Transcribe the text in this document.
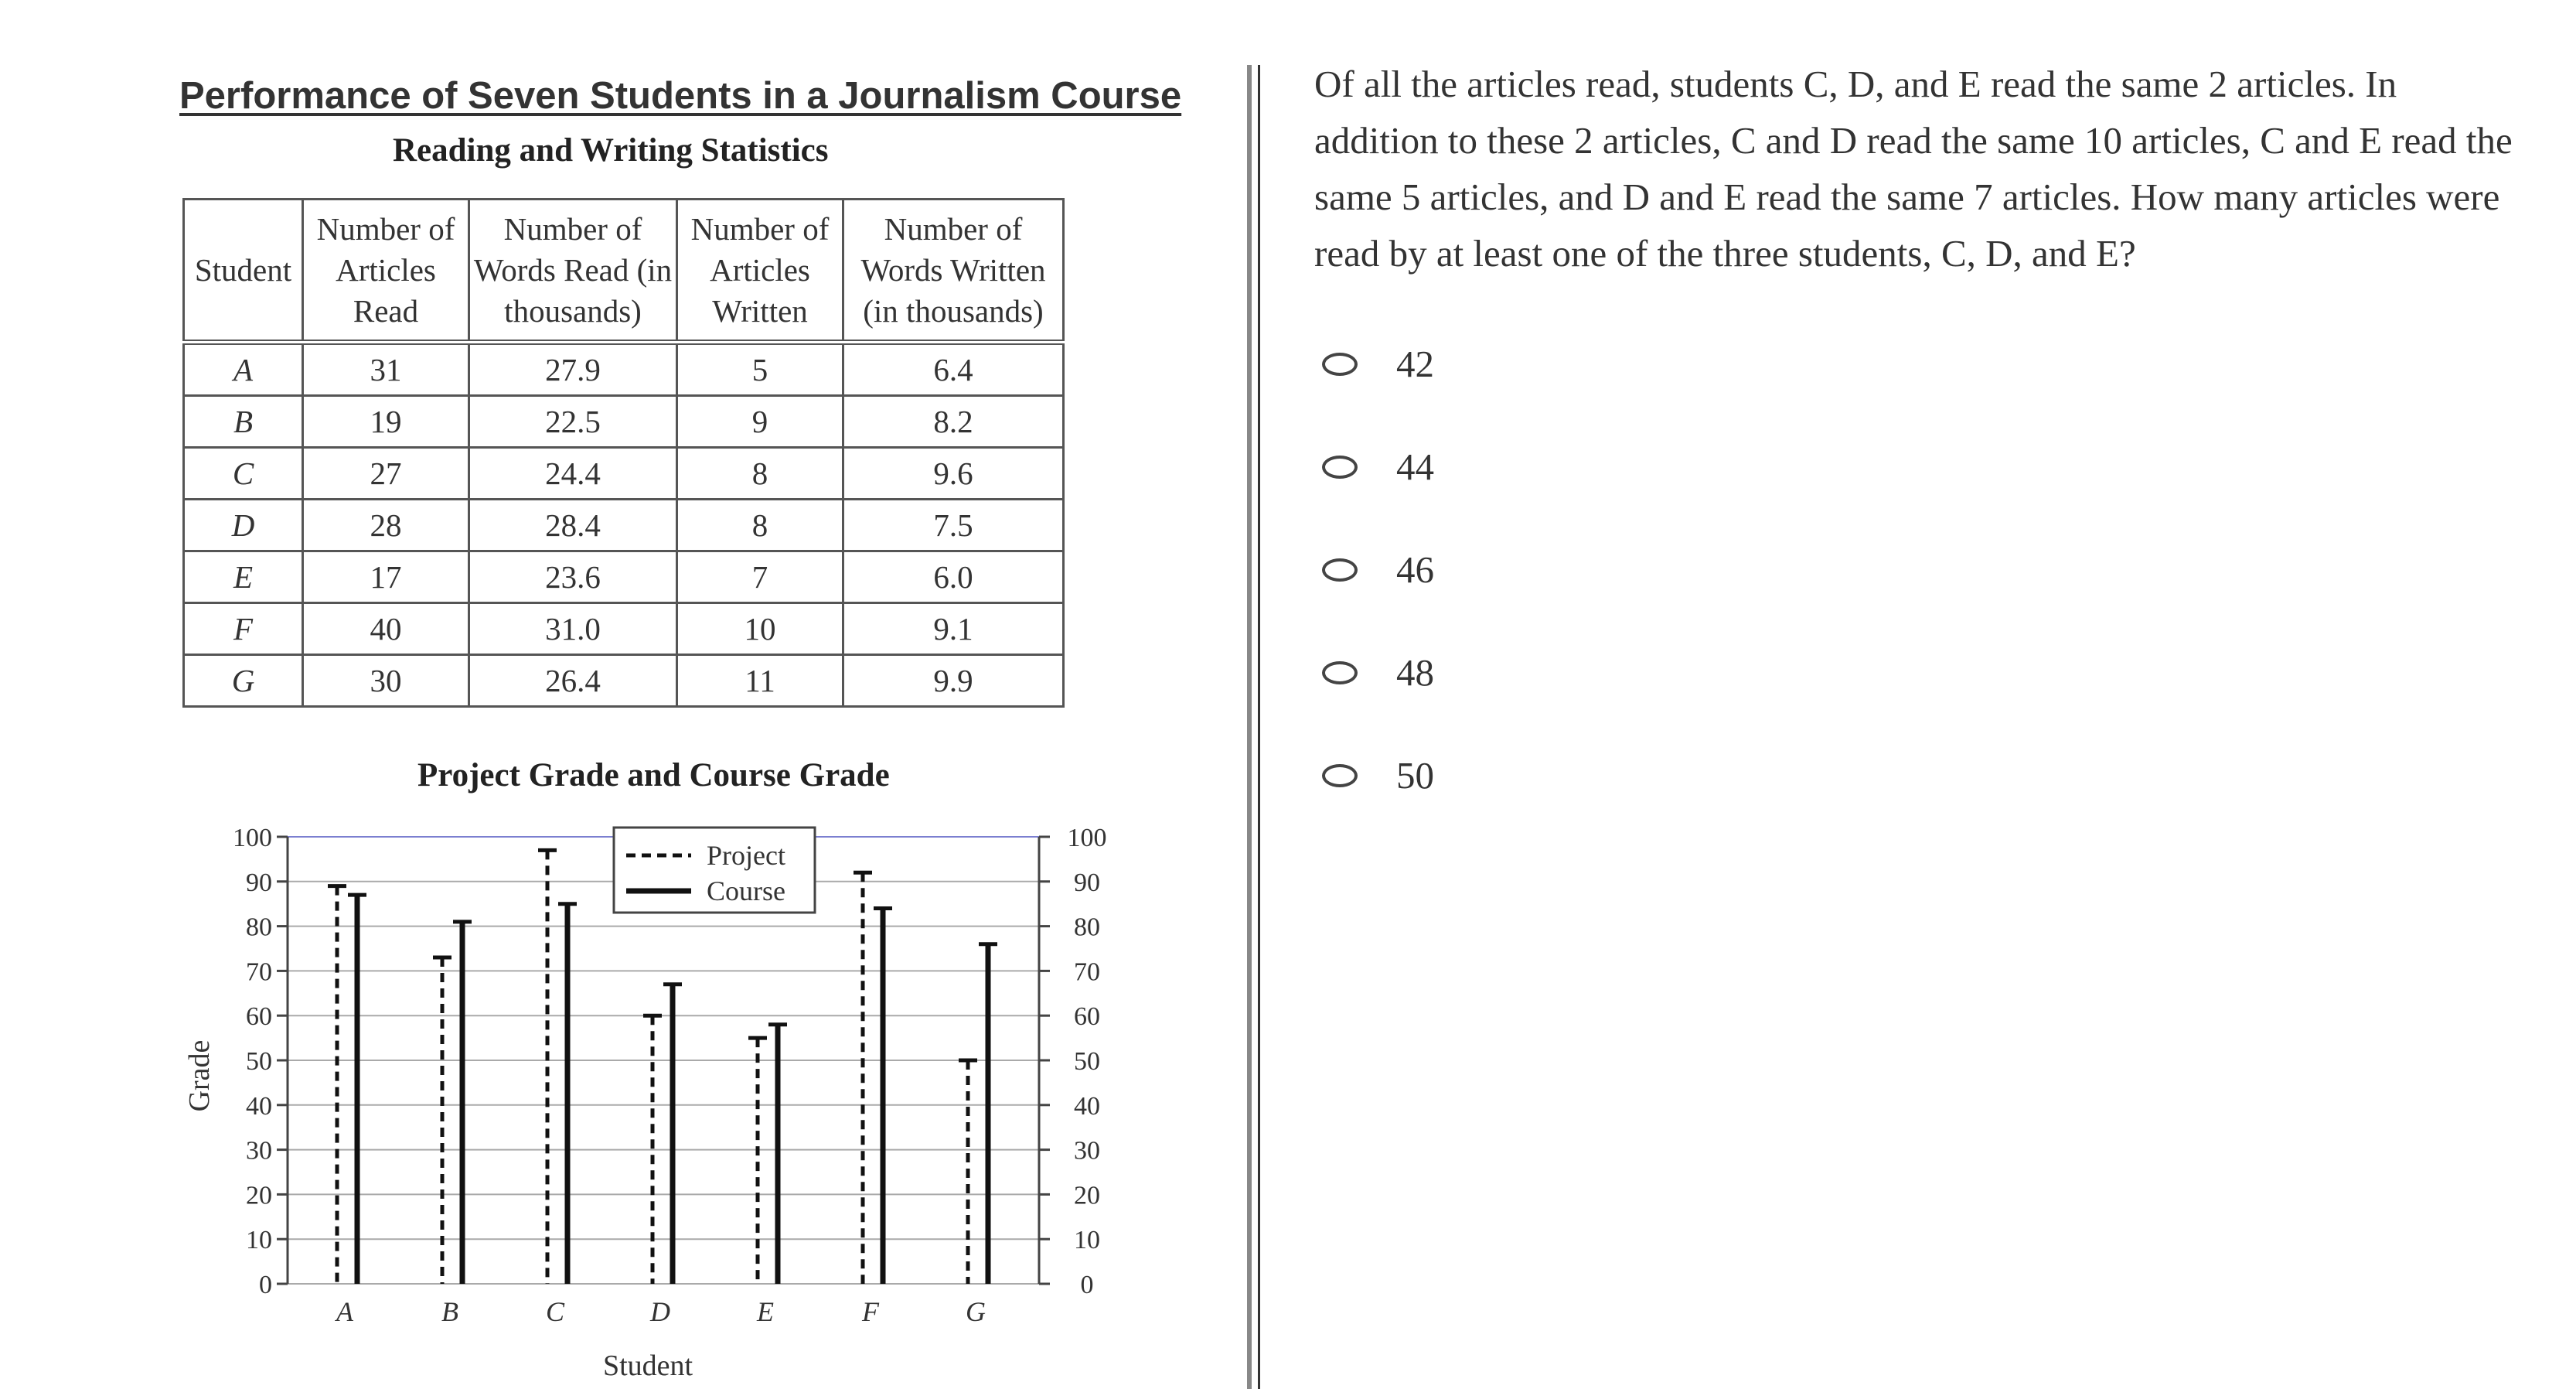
Performance of Seven Students in a Journalism Course
Reading and Writing Statistics
Student	Number of Articles Read	Number of Words Read (in thousands)	Number of Articles Written	Number of Words Written (in thousands)
A	31	27.9	5	6.4
B	19	22.5	9	8.2
C	27	24.4	8	9.6
D	28	28.4	8	7.5
E	17	23.6	7	6.0
F	40	31.0	10	9.1
G	30	26.4	11	9.9
Project Grade and Course Grade
Project
Course
0	0
10	10
20	20
30	30
40	40
50	50
60	60
70	70
80	80
90	90
100	100
A	B	C	D	E	F	G
Student
Grade
Of all the articles read, students C, D, and E read the same 2 articles. In addition to these 2 articles, C and D read the same 10 articles, C and E read the same 5 articles, and D and E read the same 7 articles. How many articles were read by at least one of the three students, C, D, and E?
42
44
46
48
50
